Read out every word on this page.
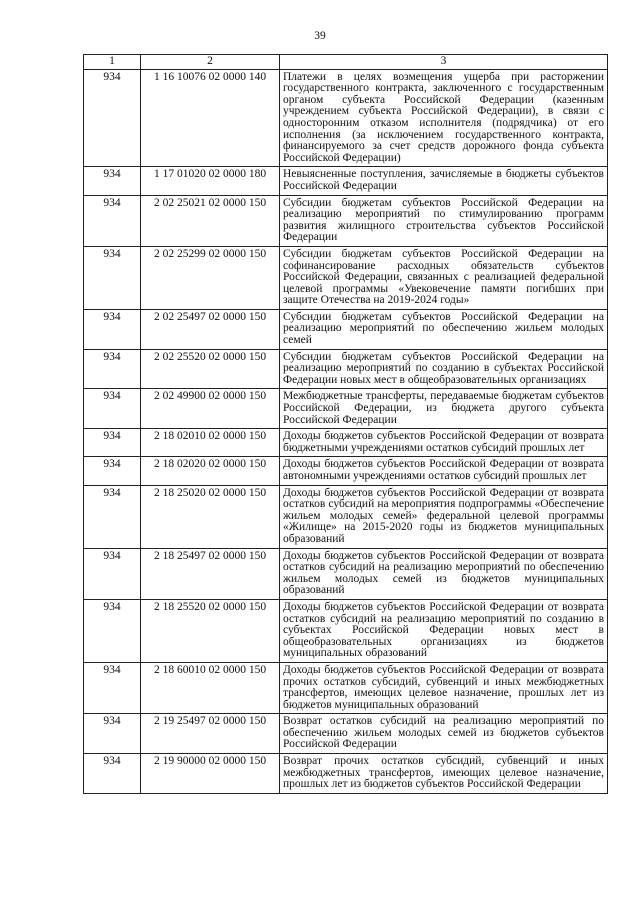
39
1	2	3
934	1 16 10076 02 0000 140	Платежи в целях возмещения ущерба при расторжении государственного контракта, заключенного с государственным органом субъекта Российской Федерации (казенным учреждением субъекта Российской Федерации), в связи с односторонним отказом исполнителя (подрядчика) от его исполнения (за исключением государственного контракта, финансируемого за счет средств дорожного фонда субъекта Российской Федерации)
934	1 17 01020 02 0000 180	Невыясненные поступления, зачисляемые в бюджеты субъектов Российской Федерации
934	2 02 25021 02 0000 150	Субсидии бюджетам субъектов Российской Федерации на реализацию мероприятий по стимулированию программ развития жилищного строительства субъектов Российской Федерации
934	2 02 25299 02 0000 150	Субсидии бюджетам субъектов Российской Федерации на софинансирование расходных обязательств субъектов Российской Федерации, связанных с реализацией федеральной целевой программы «Увековечение памяти погибших при защите Отечества на 2019-2024 годы»
934	2 02 25497 02 0000 150	Субсидии бюджетам субъектов Российской Федерации на реализацию мероприятий по обеспечению жильем молодых семей
934	2 02 25520 02 0000 150	Субсидии бюджетам субъектов Российской Федерации на реализацию мероприятий по созданию в субъектах Российской Федерации новых мест в общеобразовательных организациях
934	2 02 49900 02 0000 150	Межбюджетные трансферты, передаваемые бюджетам субъектов Российской Федерации, из бюджета другого субъекта Российской Федерации
934	2 18 02010 02 0000 150	Доходы бюджетов субъектов Российской Федерации от возврата бюджетными учреждениями остатков субсидий прошлых лет
934	2 18 02020 02 0000 150	Доходы бюджетов субъектов Российской Федерации от возврата автономными учреждениями остатков субсидий прошлых лет
934	2 18 25020 02 0000 150	Доходы бюджетов субъектов Российской Федерации от возврата остатков субсидий на мероприятия подпрограммы «Обеспечение жильем молодых семей» федеральной целевой программы «Жилище» на 2015-2020 годы из бюджетов муниципальных образований
934	2 18 25497 02 0000 150	Доходы бюджетов субъектов Российской Федерации от возврата остатков субсидий на реализацию мероприятий по обеспечению жильем молодых семей из бюджетов муниципальных образований
934	2 18 25520 02 0000 150	Доходы бюджетов субъектов Российской Федерации от возврата остатков субсидий на реализацию мероприятий по созданию в субъектах Российской Федерации новых мест в общеобразовательных организациях из бюджетов муниципальных образований
934	2 18 60010 02 0000 150	Доходы бюджетов субъектов Российской Федерации от возврата прочих остатков субсидий, субвенций и иных межбюджетных трансфертов, имеющих целевое назначение, прошлых лет из бюджетов муниципальных образований
934	2 19 25497 02 0000 150	Возврат остатков субсидий на реализацию мероприятий по обеспечению жильем молодых семей из бюджетов субъектов Российской Федерации
934	2 19 90000 02 0000 150	Возврат прочих остатков субсидий, субвенций и иных межбюджетных трансфертов, имеющих целевое назначение, прошлых лет из бюджетов субъектов Российской Федерации
